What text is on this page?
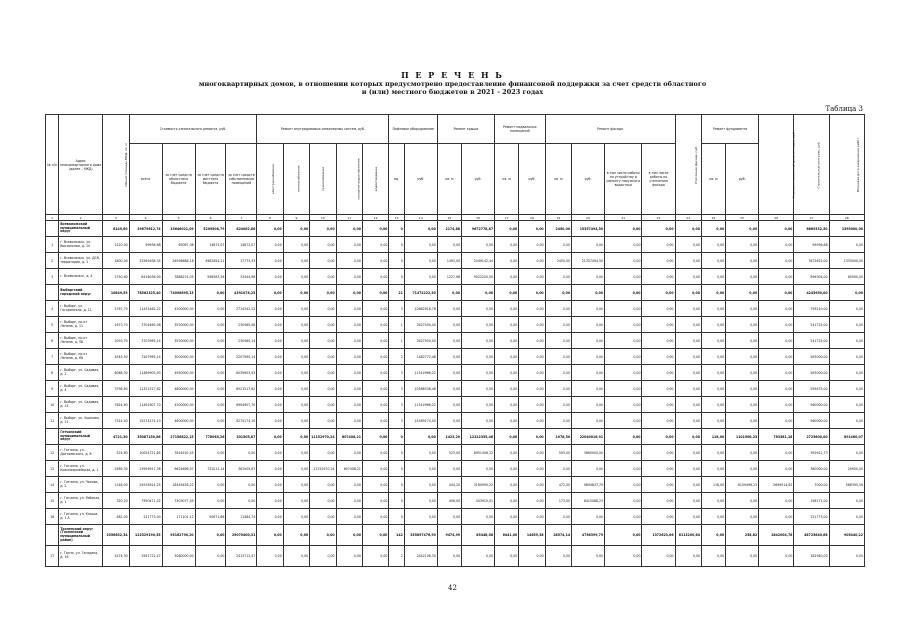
П Е Р Е Ч Е Н Ь
многоквартирных домов, в отношении которых предусмотрено предоставление финансовой поддержки за счет средств областного
и (или) местного бюджетов в 2021 - 2023 годах
Таблица 3
№ п/п	Адрес многоквартирного дома (далее – МКД)	Общая площадь МКД, кв. м	Стоимость капитального ремонта, руб.				Ремонт внутридомовых инженерных систем, руб.					Лифтовое оборудование		Ремонт крыши		Ремонт подвальных помещений		Ремонт фасада				Утепление фасада, руб.	Ремонт фундамента		Стоимость проектной документации, руб.	Строительный контроль, руб.	Плановая дата завершения работ
			всего	за счет средств областного бюджета	за счет средств местного бюджета	за счет средств собственников помещений	электроснабжение	теплоснабжение	газоснабжение	холодное водоснабжение	водоотведение	ед.	руб.	кв. м	руб.	кв. м	руб.	кв. м	руб.	в том числе работы по устройству и ремонту наружного водостока	в том числе работы по утеплению фасада		кв. м	руб.			
1	2	3	4	5	6	7	8	9	10	11	12	13	14	15	16	17	18	19	20	21	22	23	24	25	26	27	28
	Всеволожский муниципальный округ	6149,60	39679612,74	33646021,09	5209508,79	824082,86	0,00	0,00	0,00	0,00	0,00	0	0,00	2174,88	9672778,87	0,00	0,00	2450,00	15357494,50	0,00	0,00	0,00	0,00	0,00	0,00	8669332,50	1395000,00
1	г. Всеволожск, ул. Вокзальная, д. 10	2120,00	99936,68	63067,36	14872,07	14872,07	0,00	0,00	0,00	0,00	0,00	0	0,00	0,00	0,00	0,00	0,00	0,00	0,00	0,00	0,00	0,00	0,00	0,00	0,00	99936,68	0,00
2	г. Всеволожск, ул. ДСК, территория, д. 1	1800,00	31565638,35	26596688,18	4982854,21	17773,33	0,00	0,00	0,00	0,00	0,00	0	0,00	1493,00	2449142,44	0,00	0,00	2450,00	21357494,50	0,00	0,00	0,00	0,00	0,00	0,00	7672622,00	1335000,00
3	г. Всеволожск, д. 4	2750,60	8416038,00	7886274,05	598583,26	33444,98	0,00	0,00	0,00	0,00	0,00	0	0,00	1227,98	9022200,00	0,00	0,00	0,00	0,00	0,00	0,00	0,00	0,00	0,00	0,00	896304,00	60000,00
	Выборгский городской округ	10849,55	78562325,40	74098895,13	0,00	4391078,25	0,00	0,00	0,00	0,00	0,00	21	71472222,50	0,00	0,00	0,00	0,00	0,00	0,00	0,00	0,00	0,00	0,00	0,00	0,00	4243950,00	0,00
4	г. Выборг, ул. Гагаринская, д. 11	1767,70	11431462,22	4300000,00	0,00	2714342,22	0,00	0,00	0,00	0,00	0,00	3	10682916,76	0,00	0,00	0,00	0,00	0,00	0,00	0,00	0,00	0,00	0,00	0,00	0,00	759210,00	0,00
5	г. Выборг, пр-кт Ленина, д. 11	1673,70	3704465,08	3530000,00	0,00	230465,08	0,00	0,00	0,00	0,00	0,00	1	3427450,40	0,00	0,00	0,00	0,00	0,00	0,00	0,00	0,00	0,00	0,00	0,00	0,00	241725,00	0,00
6	г. Выборг, пр-кт Ленина, д. 58	2033,70	3703995,14	3530000,00	0,00	230465,14	0,00	0,00	0,00	0,00	0,00	1	3427950,00	0,00	0,00	0,00	0,00	0,00	0,00	0,00	0,00	0,00	0,00	0,00	0,00	241725,00	0,00
7	г. Выборг, пр-кт Ленина, д. 66	4545,50	7207995,14	3000000,00	0,00	2207995,14	0,00	0,00	0,00	0,00	0,00	2	1482772,48	0,00	0,00	0,00	0,00	0,00	0,00	0,00	0,00	0,00	0,00	0,00	0,00	563000,00	0,00
8	г. Выборг, ул. Садовая, д. 2	6088,30	11489903,93	4950000,00	0,00	6039903,93	0,00	0,00	0,00	0,00	0,00	3	11514966,22	0,00	0,00	0,00	0,00	0,00	0,00	0,00	0,00	0,00	0,00	0,00	0,00	563000,00	0,00
9	г. Выборг, ул. Садовая, д. 4	3798,60	11321517,82	4800000,00	0,00	6521517,82	0,00	0,00	0,00	0,00	0,00	3	10588336,46	0,00	0,00	0,00	0,00	0,00	0,00	0,00	0,00	0,00	0,00	0,00	0,00	559475,00	0,00
10	г. Выборг, ул. Садовая, д. 14	7624,60	11491907,70	4300000,00	0,00	6994907,70	0,00	0,00	0,00	0,00	0,00	3	11514966,22	0,00	0,00	0,00	0,00	0,00	0,00	0,00	0,00	0,00	0,00	0,00	0,00	560000,00	0,00
11	г. Выборг, ул. Ушакова, д. 11	7314,40	15274174,10	4600000,00	0,00	9274174,10	0,00	0,00	0,00	0,00	0,00	3	14589174,00	0,00	0,00	0,00	0,00	0,00	0,00	0,00	0,00	0,00	0,00	0,00	0,00	560000,00	0,00
	Гатчинский муниципальный округ	4721,30	35087150,86	27156822,15	778065,26	301505,87	0,00	0,00	11152970,24	807408,21	0,00	0	0,00	1423,20	12222355,46	0,00	0,00	1078,50	22040016,91	0,00	0,00	0,00	118,00	1101506,23	783581,18	2725600,00	891460,07
12	г. Гатчина, ул. Достоевского, д. 8	524,80	10054721,85	7816192,45	0,00	0,00	0,00	0,00	0,00	0,00	0,00	0	0,00	523,00	8951406,12	0,00	0,00	593,00	3660000,00	0,00	0,00	0,00	0,00	0,00	0,00	392612,73	0,00
13	г. Гатчина, ул. Красноармейская, д. 1	2489,30	13959917,36	9624696,57	731013,14	361505,87	0,00	0,00	11152970,24	807408,21	0,00	0	0,00	0,00	0,00	0,00	0,00	0,00	0,00	0,00	0,00	0,00	0,00	0,00	0,00	380000,00	29950,00
14	г. Гатчина, ул. Чехова, д. 2	1148,00	24535614,25	18449458,22	0,00	0,00	0,00	0,00	0,00	0,00	0,00	0	0,00	444,20	3180990,22	0,00	0,00	472,00	9894837,79	0,00	0,00	0,00	118,00	6109496,23	2699914,62	7000,00	586395,59
15	г. Гатчина, ул. Рабочая, д. 1	320,20	7950471,02	7403077,49	0,00	0,00	0,00	0,00	0,00	0,00	0,00	0	0,00	456,00	403910,01	0,00	0,00	173,00	8415088,23	0,00	0,00	0,00	0,00	0,00	0,00	158171,00	0,00
16	г. Гатчина, ул. Кныша, д. 1 А	482,00	221773,00	171101,12	50671,86	11484,74	0,00	0,00	0,00	0,00	0,00	0	0,00	0,00	0,00	0,00	0,00	0,00	0,00	0,00	0,00	0,00	0,00	0,00	0,00	221773,00	0,00
	Тосненский округ (Тосненский муниципальный район)	2356632,34	122329190,55	95162790,20	0,00	29070400,31	0,00	0,00	0,00	0,00	0,00	142	255897476,90	9474,99	85448,58	6441,00	14659,38	28574,14	4756399,79	0,00	1372623,66	6113200,64	0,00	258,82	2842004,78	48725640,68	905440,22
17	г. Тосно, ул. Гагарина, д. 16	4274,30	2951722,47	3080000,00	0,00	2413712,47	0,00	0,00	0,00	0,00	0,00	2	2442108,30	0,00	0,00	0,00	0,00	0,00	0,00	0,00	0,00	0,00	0,00	0,00	0,00	182940,00	0,00
42
